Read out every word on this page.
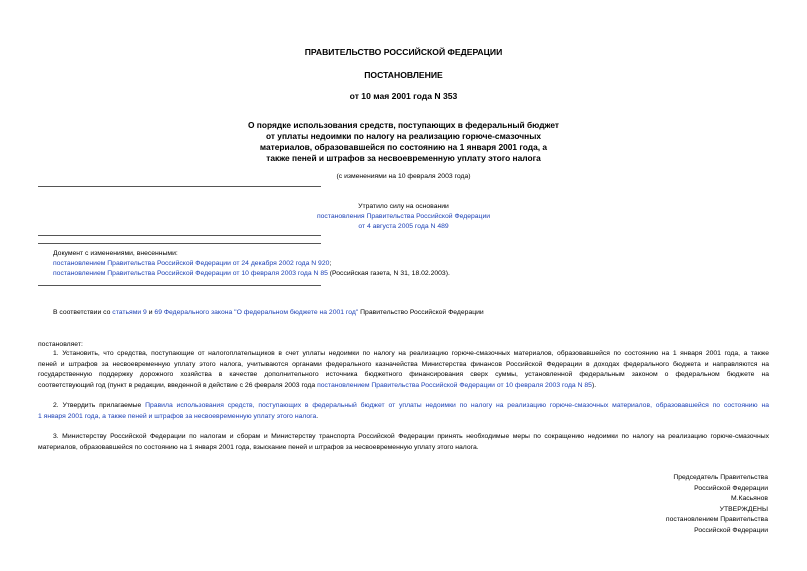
ПРАВИТЕЛЬСТВО РОССИЙСКОЙ ФЕДЕРАЦИИ
ПОСТАНОВЛЕНИЕ
от 10 мая 2001 года N 353
О порядке использования средств, поступающих в федеральный бюджет
от уплаты недоимки по налогу на реализацию горюче-смазочных
материалов, образовавшейся по состоянию на 1 января 2001 года, а
также пеней и штрафов за несвоевременную уплату этого налога
(с изменениями на 10 февраля 2003 года)
Утратило силу на основании
постановления Правительства Российской Федерации
от 4 августа 2005 года N 489
Документ с изменениями, внесенными:
постановлением Правительства Российской Федерации от 24 декабря 2002 года N 920;
постановлением Правительства Российской Федерации от 10 февраля 2003 года N 85 (Российская газета, N 31, 18.02.2003).
В соответствии со статьями 9 и 69 Федерального закона "О федеральном бюджете на 2001 год" Правительство Российской Федерации
постановляет:
1. Установить, что средства, поступающие от налогоплательщиков в счет уплаты недоимки по налогу на реализацию горюче-смазочных материалов, образовавшейся по состоянию на 1 января 2001 года, а также
пеней и штрафов за несвоевременную уплату этого налога, учитываются органами федерального казначейства Министерства финансов Российской Федерации в доходах федерального бюджета и направляются на
государственную поддержку дорожного хозяйства в качестве дополнительного источника бюджетного финансирования сверх суммы, установленной федеральным законом о федеральном бюджете на
соответствующий год (пункт в редакции, введенной в действие с 26 февраля 2003 года постановлением Правительства Российской Федерации от 10 февраля 2003 года N 85).
2. Утвердить прилагаемые Правила использования средств, поступающих в федеральный бюджет от уплаты недоимки по налогу на реализацию горюче-смазочных материалов, образовавшейся по состоянию на
1 января 2001 года, а также пеней и штрафов за несвоевременную уплату этого налога.
3. Министерству Российской Федерации по налогам и сборам и Министерству транспорта Российской Федерации принять необходимые меры по сокращению недоимки по налогу на реализацию горюче-смазочных
материалов, образовавшейся по состоянию на 1 января 2001 года, взыскание пеней и штрафов за несвоевременную уплату этого налога.
Председатель Правительства
Российской Федерации
М.Касьянов
УТВЕРЖДЕНЫ
постановлением Правительства
Российской Федерации
